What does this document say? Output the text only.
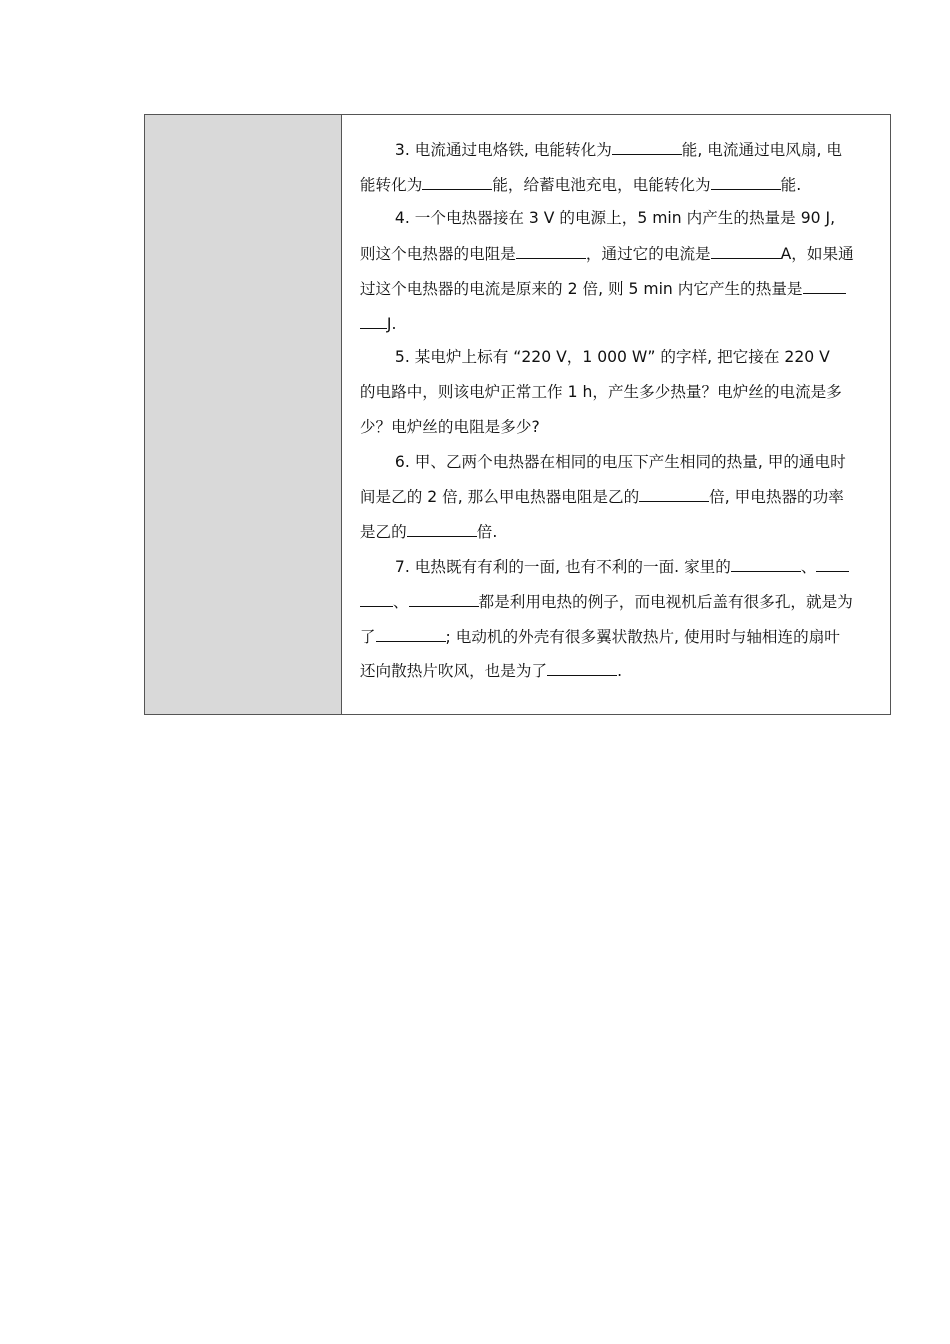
3. 电流通过电烙铁, 电能转化为	能, 电流通过电风扇, 电

能转化为	能，给蓄电池充电，电能转化为	能.

4. 一个电热器接在 3 V 的电源上，5 min 内产生的热量是 90 J,

则这个电热器的电阻是	，通过它的电流是	A，如果通

过这个电热器的电流是原来的 2 倍, 则 5 min 内它产生的热量是

J.

5. 某电炉上标有 “220 V，1 000 W” 的字样, 把它接在 220 V

的电路中，则该电炉正常工作 1 h，产生多少热量？电炉丝的电流是多

少？电炉丝的电阻是多少?

6. 甲、乙两个电热器在相同的电压下产生相同的热量, 甲的通电时

间是乙的 2 倍, 那么甲电热器电阻是乙的	倍, 甲电热器的功率

是乙的	倍.

7. 电热既有有利的一面, 也有不利的一面. 家里的	、

、	都是利用电热的例子，而电视机后盖有很多孔，就是为

了	; 电动机的外壳有很多翼状散热片, 使用时与轴相连的扇叶

还向散热片吹风，也是为了	.
